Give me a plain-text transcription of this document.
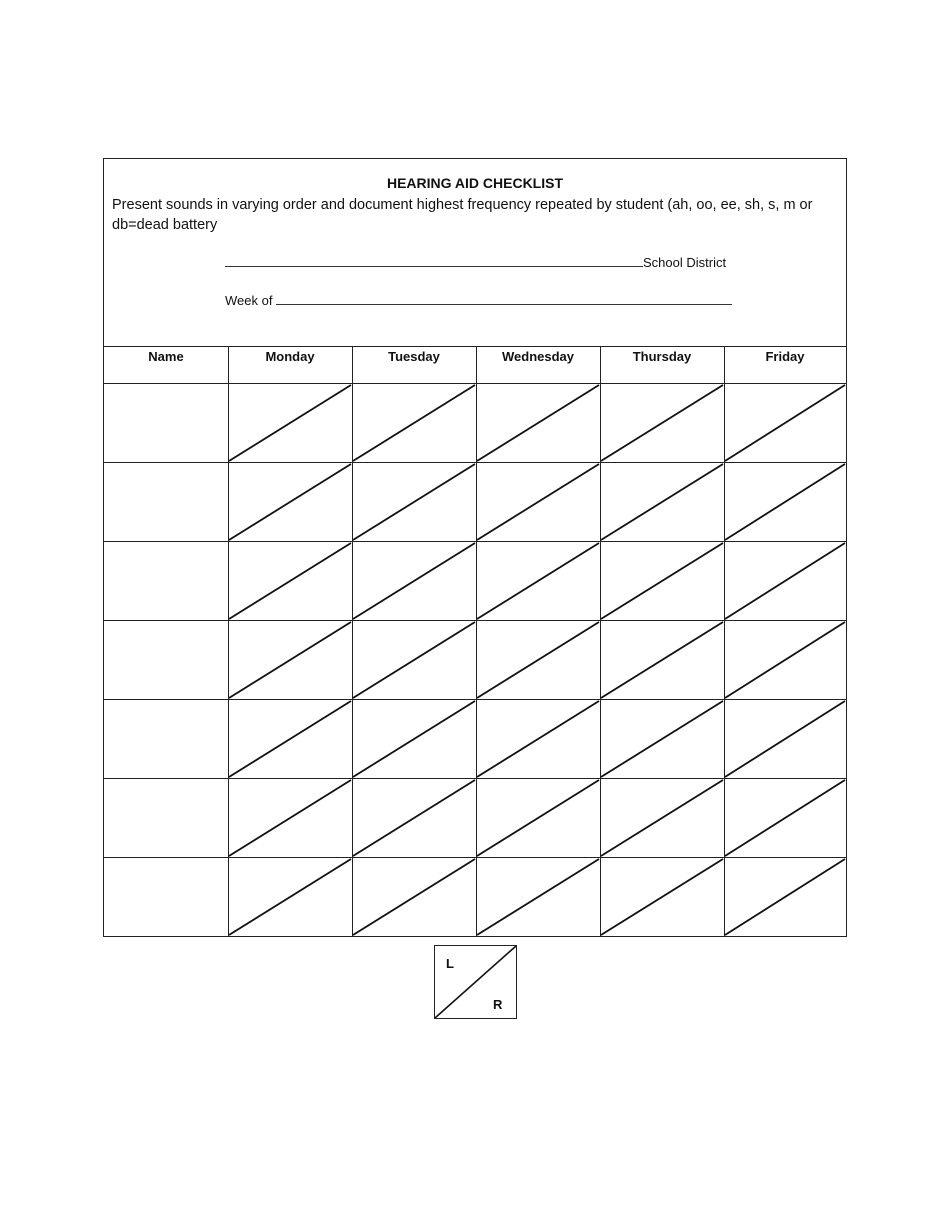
HEARING AID CHECKLIST
Present sounds in varying order and document highest frequency repeated by student (ah, oo, ee, sh, s, m or db=dead battery
School District
Week of
Name	Monday	Tuesday	Wednesday	Thursday	Friday
L
R
